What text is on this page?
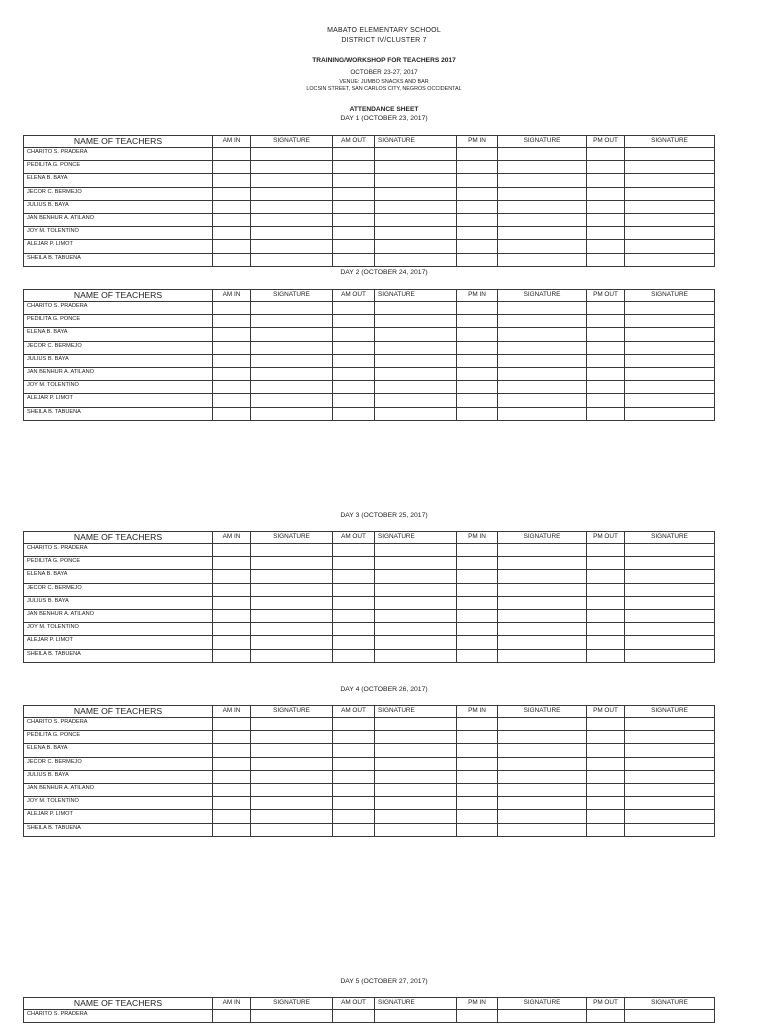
MABATO ELEMENTARY SCHOOL
DISTRICT IV/CLUSTER 7
TRAINING/WORKSHOP FOR TEACHERS 2017
OCTOBER 23-27, 2017
VENUE: JUMBO SNACKS AND BAR
LOCSIN STREET, SAN CARLOS CITY, NEGROS OCCIDENTAL
ATTENDANCE SHEET
DAY 1 (OCTOBER 23, 2017)
NAME OF TEACHERS	AM IN	SIGNATURE	AM OUT	SIGNATURE	PM IN	SIGNATURE	PM OUT	SIGNATURE
CHARITO S. PRADERA								
PEDILITA G. PONCE								
ELENA B. BAYA								
JECOR C. BERMEJO								
JULIUS B. BAYA								
JAN BENHUR A. ATILANO								
JOY M. TOLENTINO								
ALEJAR P. LIMOT								
SHEILA B. TABUENA								
DAY 2 (OCTOBER 24, 2017)
NAME OF TEACHERS	AM IN	SIGNATURE	AM OUT	SIGNATURE	PM IN	SIGNATURE	PM OUT	SIGNATURE
CHARITO S. PRADERA								
PEDILITA G. PONCE								
ELENA B. BAYA								
JECOR C. BERMEJO								
JULIUS B. BAYA								
JAN BENHUR A. ATILANO								
JOY M. TOLENTINO								
ALEJAR P. LIMOT								
SHEILA B. TABUENA								
DAY 3 (OCTOBER 25, 2017)
NAME OF TEACHERS	AM IN	SIGNATURE	AM OUT	SIGNATURE	PM IN	SIGNATURE	PM OUT	SIGNATURE
CHARITO S. PRADERA								
PEDILITA G. PONCE								
ELENA B. BAYA								
JECOR C. BERMEJO								
JULIUS B. BAYA								
JAN BENHUR A. ATILANO								
JOY M. TOLENTINO								
ALEJAR P. LIMOT								
SHEILA B. TABUENA								
DAY 4 (OCTOBER 26, 2017)
NAME OF TEACHERS	AM IN	SIGNATURE	AM OUT	SIGNATURE	PM IN	SIGNATURE	PM OUT	SIGNATURE
CHARITO S. PRADERA								
PEDILITA G. PONCE								
ELENA B. BAYA								
JECOR C. BERMEJO								
JULIUS B. BAYA								
JAN BENHUR A. ATILANO								
JOY M. TOLENTINO								
ALEJAR P. LIMOT								
SHEILA B. TABUENA								
DAY 5 (OCTOBER 27, 2017)
NAME OF TEACHERS	AM IN	SIGNATURE	AM OUT	SIGNATURE	PM IN	SIGNATURE	PM OUT	SIGNATURE
CHARITO S. PRADERA								
